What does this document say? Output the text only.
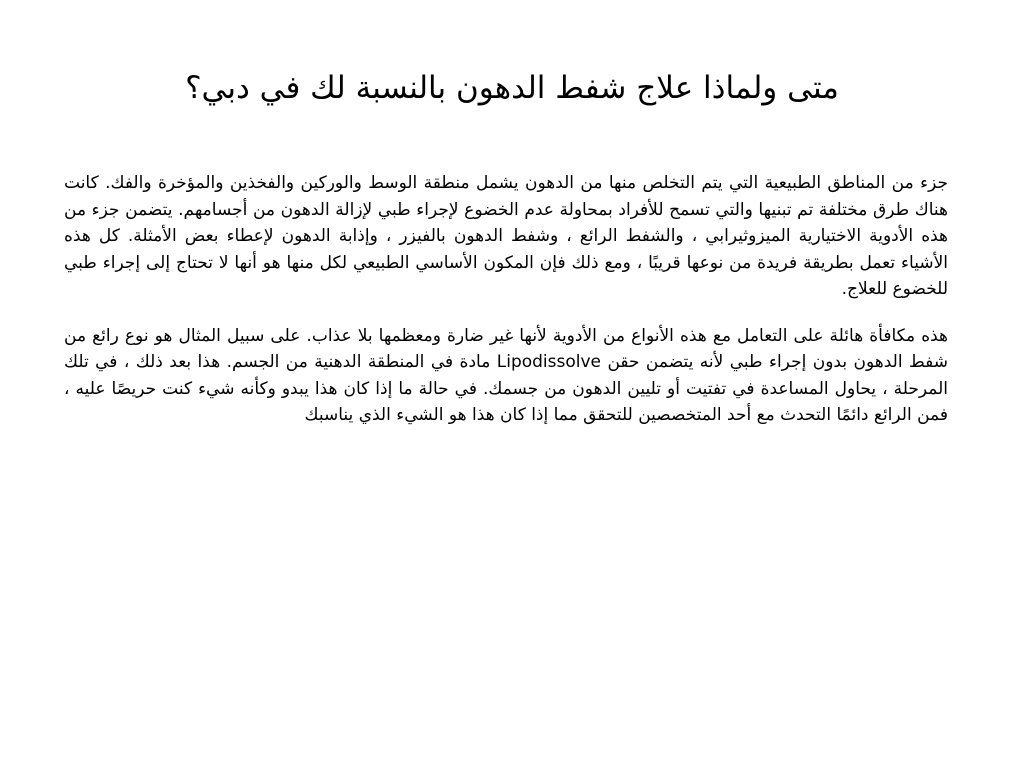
متى ولماذا علاج شفط الدهون بالنسبة لك في دبي؟

جزء من المناطق الطبيعية التي يتم التخلص منها من الدهون يشمل منطقة الوسط والوركين والفخذين والمؤخرة والفك. كانت هناك طرق مختلفة تم تبنيها والتي تسمح للأفراد بمحاولة عدم الخضوع لإجراء طبي لإزالة الدهون من أجسامهم. يتضمن جزء من هذه الأدوية الاختيارية الميزوثيرابي ، والشفط الرائع ، وشفط الدهون بالفيزر ، وإذابة الدهون لإعطاء بعض الأمثلة. كل هذه الأشياء تعمل بطريقة فريدة من نوعها قريبًا ، ومع ذلك فإن المكون الأساسي الطبيعي لكل منها هو أنها لا تحتاج إلى إجراء طبي للخضوع للعلاج.

هذه مكافأة هائلة على التعامل مع هذه الأنواع من الأدوية لأنها غير ضارة ومعظمها بلا عذاب. على سبيل المثال هو نوع رائع من شفط الدهون بدون إجراء طبي لأنه يتضمن حقن Lipodissolve مادة في المنطقة الدهنية من الجسم. هذا بعد ذلك ، في تلك المرحلة ، يحاول المساعدة في تفتيت أو تليين الدهون من جسمك. في حالة ما إذا كان هذا يبدو وكأنه شيء كنت حريصًا عليه ، فمن الرائع دائمًا التحدث مع أحد المتخصصين للتحقق مما إذا كان هذا هو الشيء الذي يناسبك
